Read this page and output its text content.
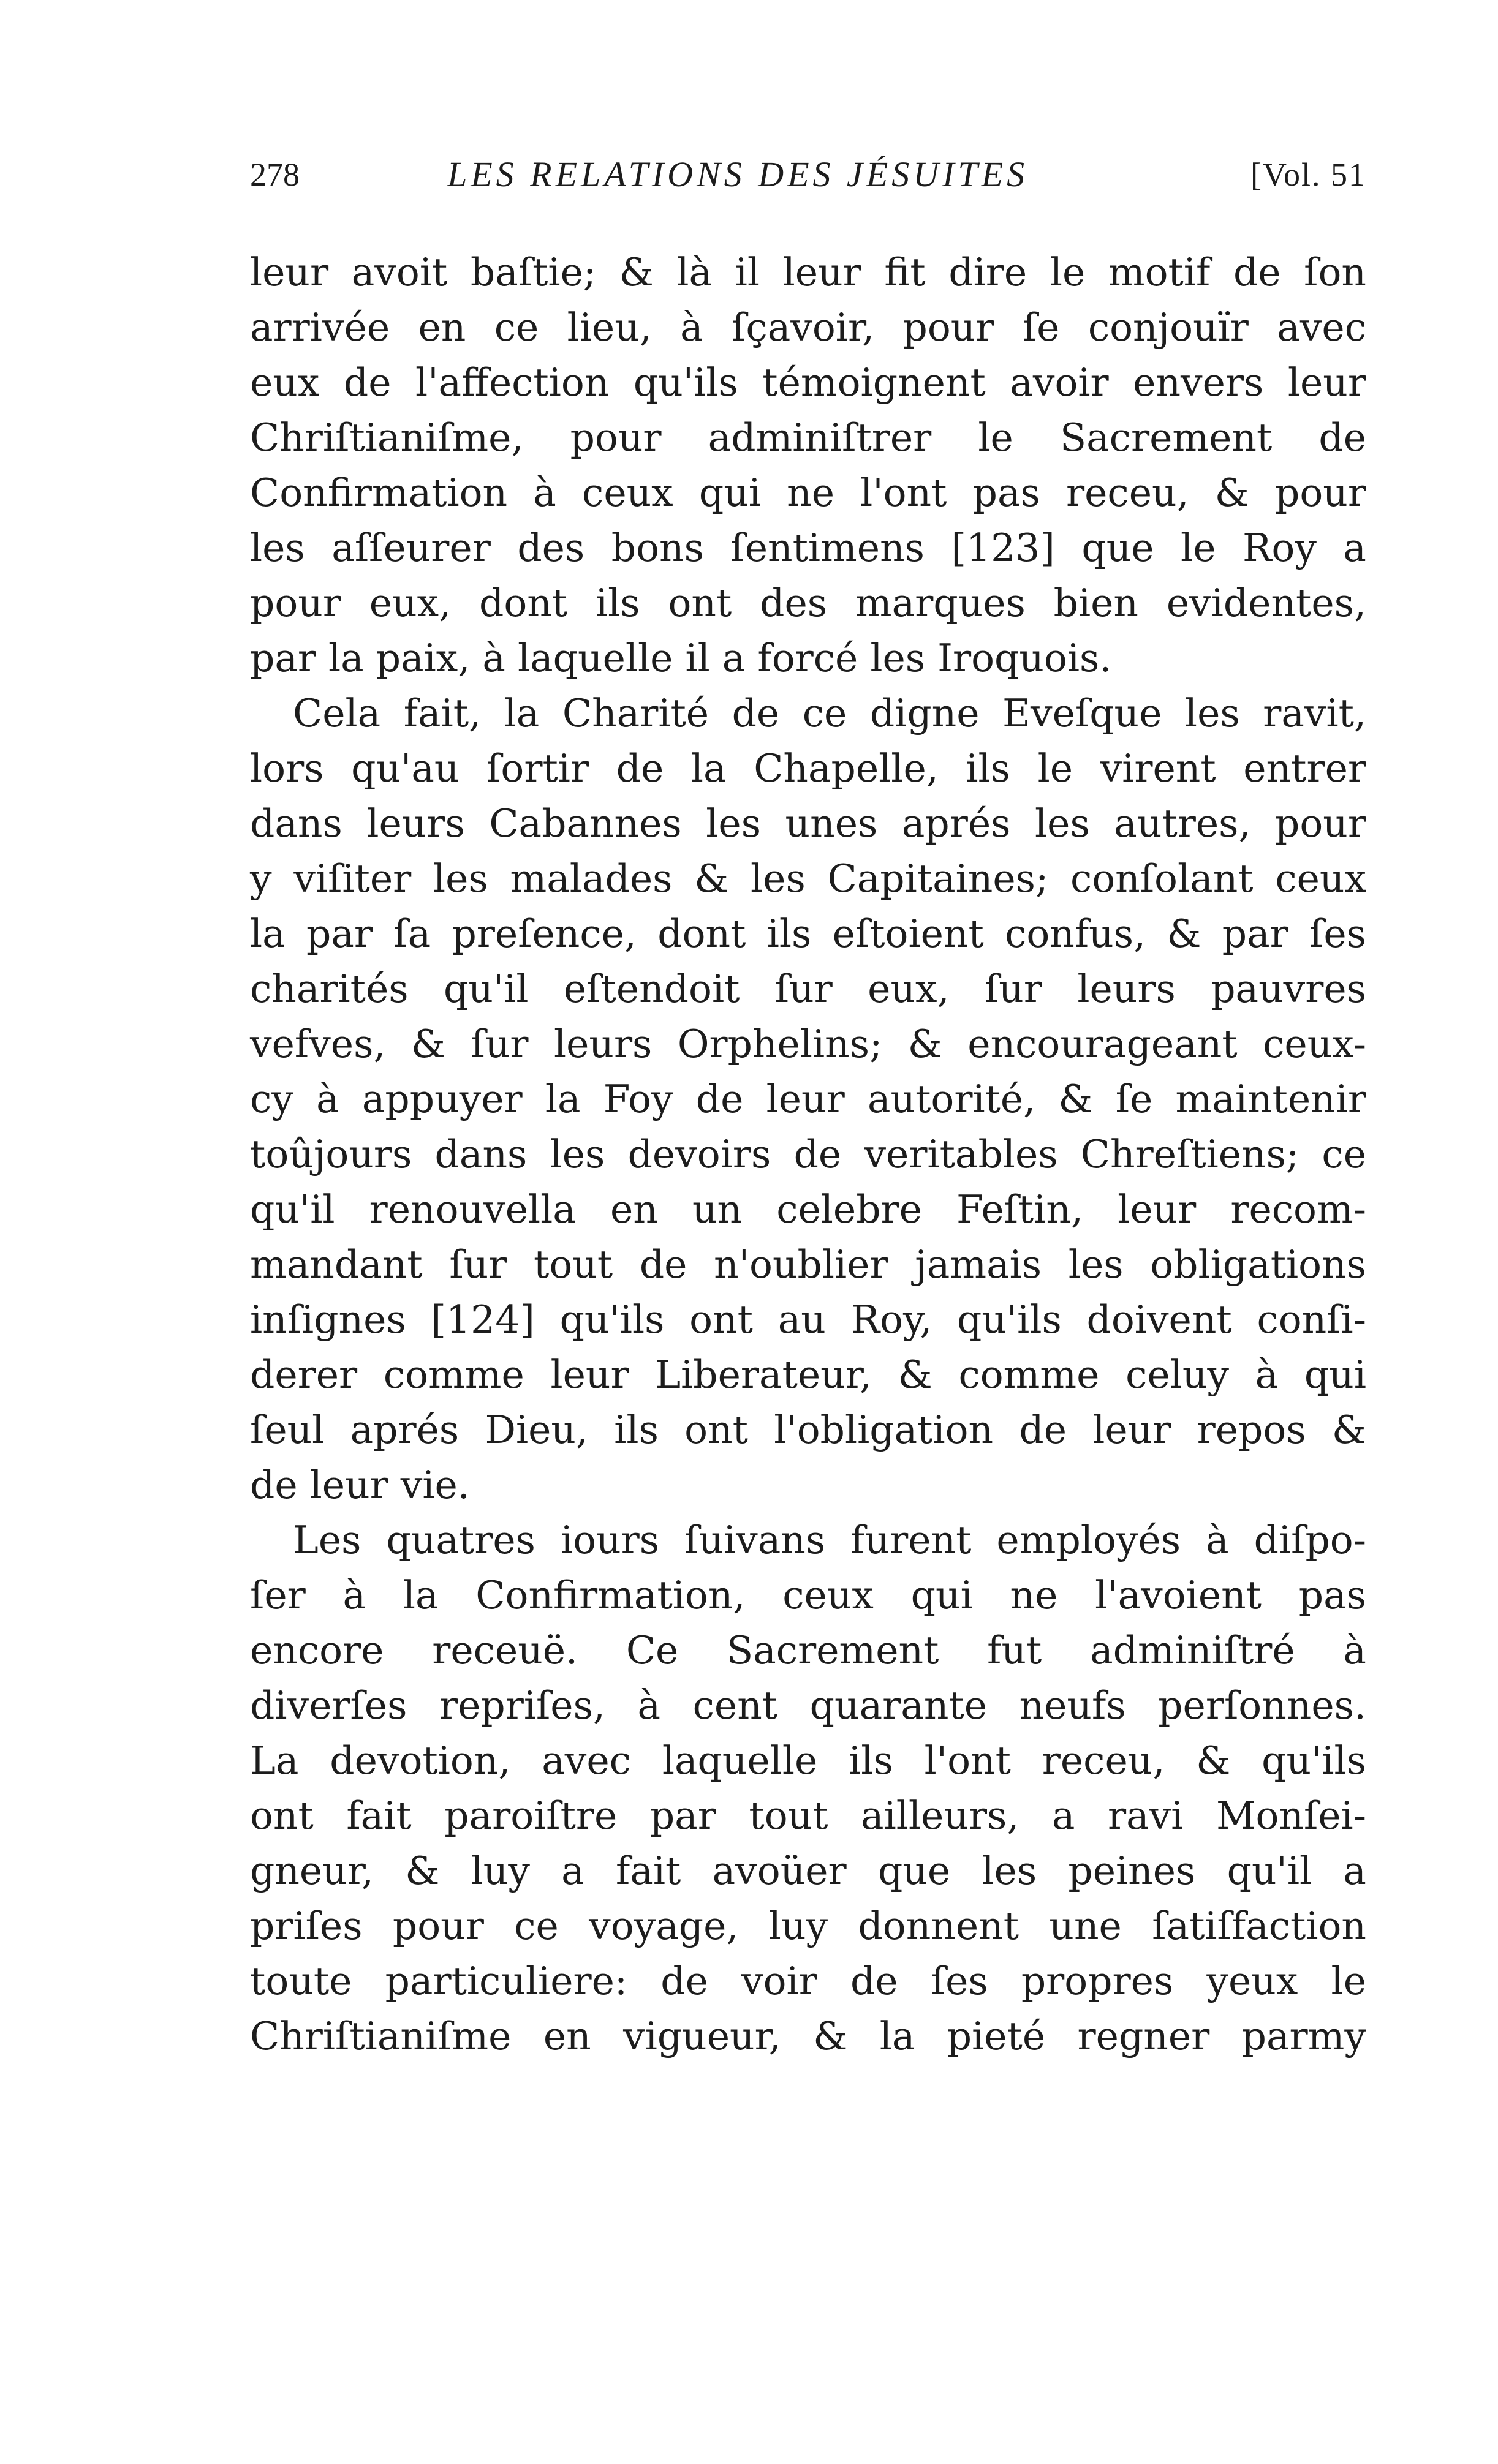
278	LES RELATIONS DES JÉSUITES	[Vol. 51
leur avoit baſtie; & là il leur fit dire le motif de ſon
arrivée en ce lieu, à ſçavoir, pour ſe conjouïr avec
eux de l'affection qu'ils témoignent avoir envers leur
Chriſtianiſme, pour adminiſtrer le Sacrement de
Confirmation à ceux qui ne l'ont pas receu, & pour
les aſſeurer des bons ſentimens [123] que le Roy a
pour eux, dont ils ont des marques bien evidentes,
par la paix, à laquelle il a forcé les Iroquois.
Cela fait, la Charité de ce digne Eveſque les ravit,
lors qu'au ſortir de la Chapelle, ils le virent entrer
dans leurs Cabannes les unes aprés les autres, pour
y viſiter les malades & les Capitaines; conſolant ceux
la par ſa preſence, dont ils eſtoient confus, & par ſes
charités qu'il eſtendoit ſur eux, ſur leurs pauvres
vefves, & ſur leurs Orphelins; & encourageant ceux-
cy à appuyer la Foy de leur autorité, & ſe maintenir
toûjours dans les devoirs de veritables Chreſtiens; ce
qu'il renouvella en un celebre Feſtin, leur recom-
mandant ſur tout de n'oublier jamais les obligations
inſignes [124] qu'ils ont au Roy, qu'ils doivent conſi-
derer comme leur Liberateur, & comme celuy à qui
ſeul aprés Dieu, ils ont l'obligation de leur repos &
de leur vie.
Les quatres iours ſuivans furent employés à diſpo-
ſer à la Confirmation, ceux qui ne l'avoient pas
encore receuë. Ce Sacrement fut adminiſtré à
diverſes repriſes, à cent quarante neufs perſonnes.
La devotion, avec laquelle ils l'ont receu, & qu'ils
ont fait paroiſtre par tout ailleurs, a ravi Monſei-
gneur, & luy a fait avoüer que les peines qu'il a
priſes pour ce voyage, luy donnent une ſatiſfaction
toute particuliere: de voir de ſes propres yeux le
Chriſtianiſme en vigueur, & la pieté regner parmy
